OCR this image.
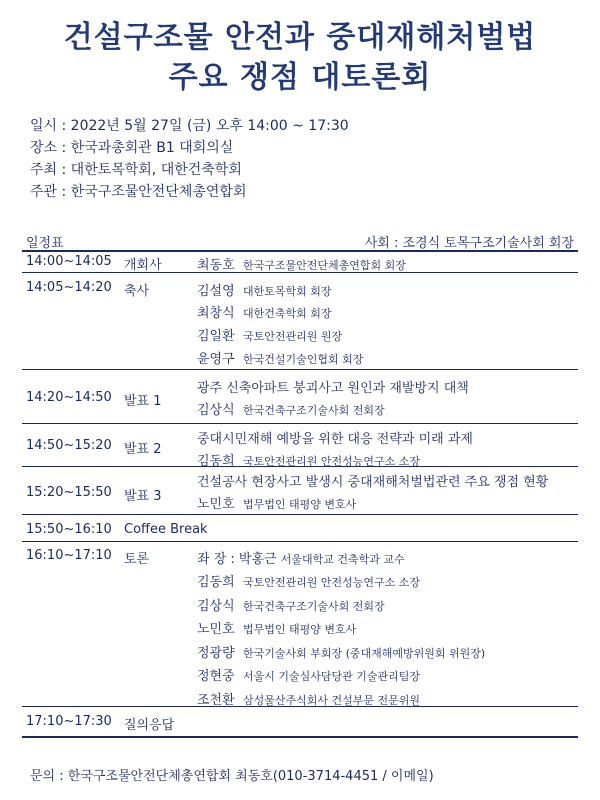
건설구조물 안전과 중대재해처벌법
주요 쟁점 대토론회
일시 : 2022년 5월 27일 (금) 오후 14:00 ~ 17:30
장소 : 한국과총회관 B1 대회의실
주최 : 대한토목학회, 대한건축학회
주관 : 한국구조물안전단체총연합회
일정표	사회 : 조경식 토목구조기술사회 회장
14:00~14:05 개회사	최동호 한국구조물안전단체총연합회 회장
14:05~14:20 축사	김설영 대한토목학회 회장
최창식 대한건축학회 회장
김일환 국토안전관리원 원장
윤영구 한국건설기술인협회 회장
14:20~14:50 발표 1
광주 신축아파트 붕괴사고 원인과 재발방지 대책
김상식 한국건축구조기술사회 전회장
14:50~15:20 발표 2
중대시민재해 예방을 위한 대응 전략과 미래 과제
김동희 국토안전관리원 안전성능연구소 소장
15:20~15:50 발표 3
건설공사 현장사고 발생시 중대재해처벌법관련 주요 쟁점 현황
노민호 법무법인 태평양 변호사
15:50~16:10 Coffee Break
16:10~17:10 토론	좌 장 : 박홍근 서울대학교 건축학과 교수
김동희 국토안전관리원 안전성능연구소 소장
김상식 한국건축구조기술사회 전회장
노민호 법무법인 태평양 변호사
정광량 한국기술사회 부회장 (중대재해예방위원회 위원장)
정현중 서울시 기술심사담당관 기술관리팀장
조천환 삼성물산주식회사 건설부문 전문위원
17:10~17:30 질의응답
문의 : 한국구조물안전단체총연합회 최동호(010-3714-4451 / 이메일)
